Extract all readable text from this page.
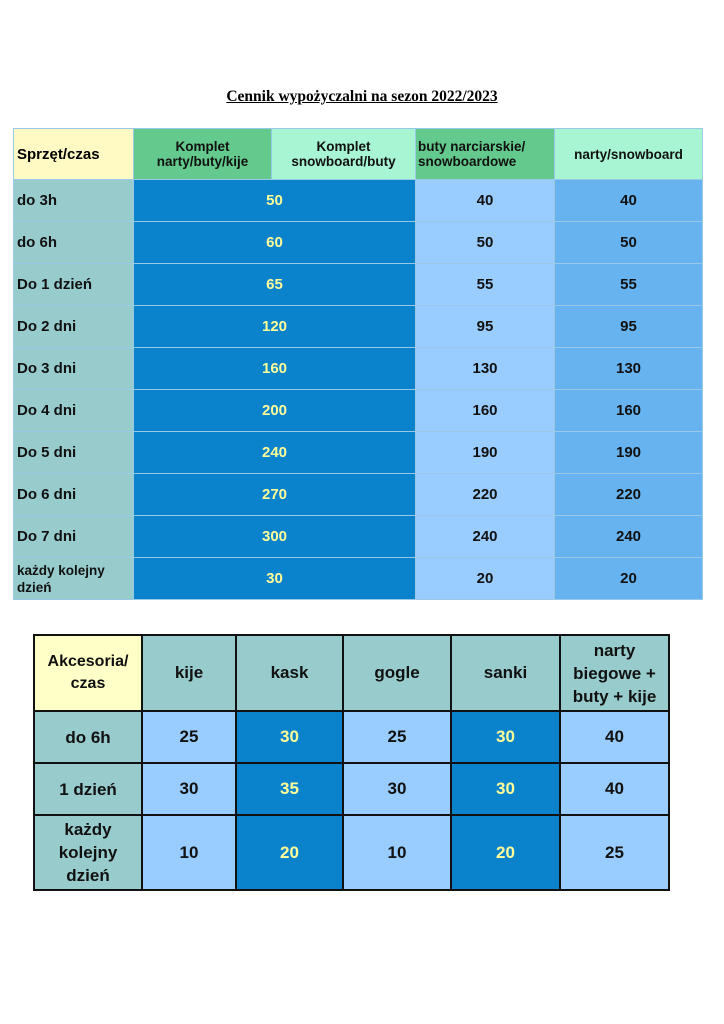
Cennik wypożyczalni na sezon 2022/2023
Sprzęt/czas	Komplet narty/buty/kije	Komplet snowboard/buty	buty narciarskie/ snowboardowe	narty/snowboard
do 3h	50		40	40
do 6h	60		50	50
Do 1 dzień	65		55	55
Do 2 dni	120		95	95
Do 3 dni	160		130	130
Do 4 dni	200		160	160
Do 5 dni	240		190	190
Do 6 dni	270		220	220
Do 7 dni	300		240	240
każdy kolejny dzień	30		20	20
Akcesoria/ czas	kije	kask	gogle	sanki	narty biegowe + buty + kije
do 6h	25	30	25	30	40
1 dzień	30	35	30	30	40
każdy kolejny dzień	10	20	10	20	25
